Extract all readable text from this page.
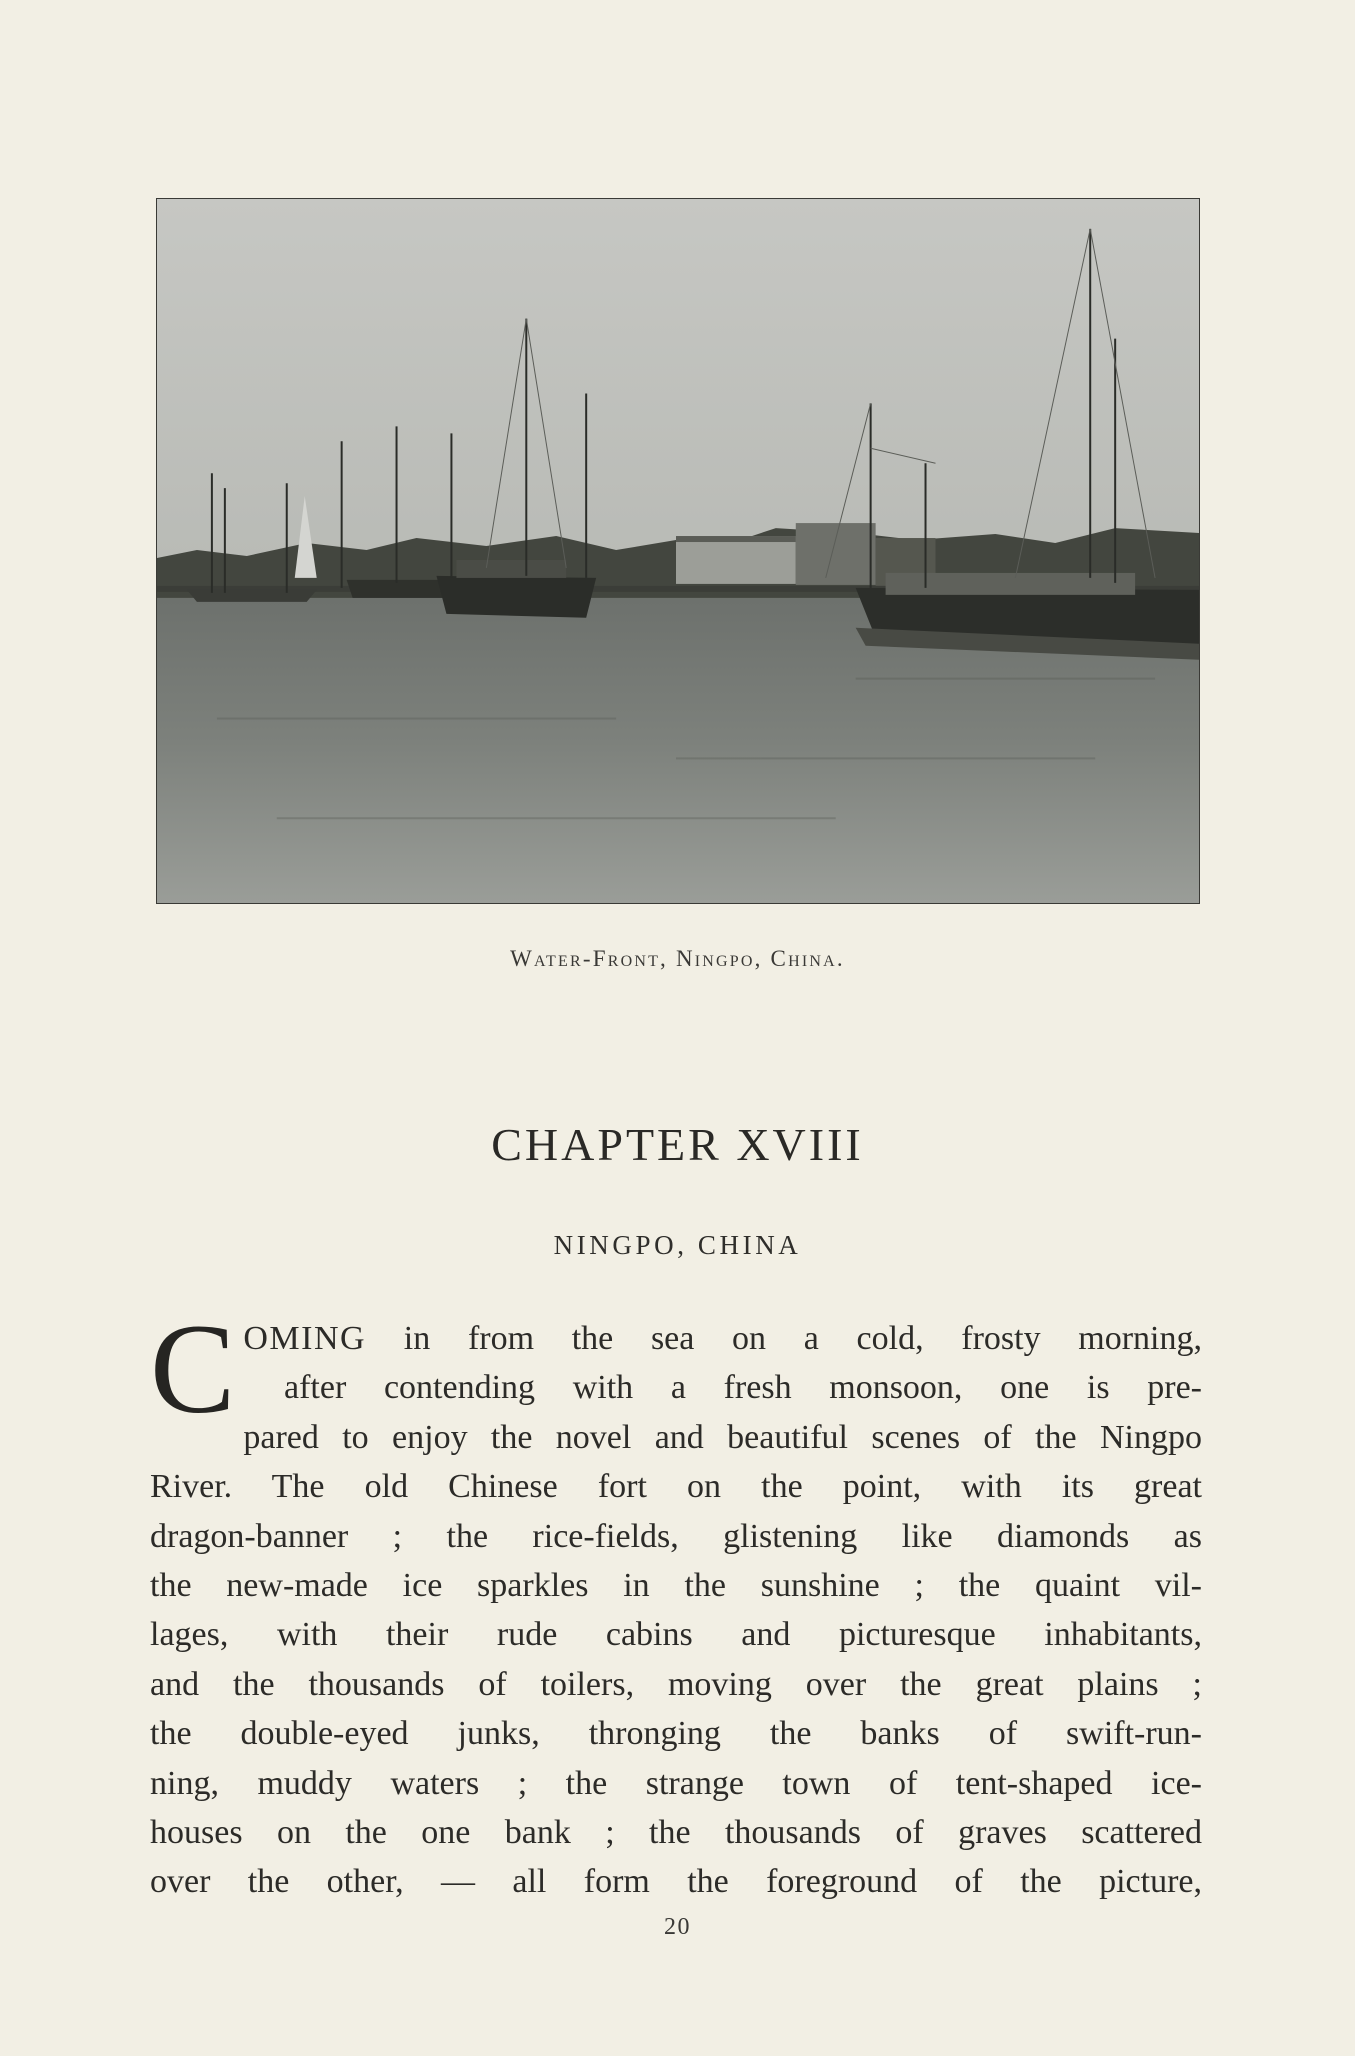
Water-Front, Ningpo, China.
CHAPTER XVIII
NINGPO, CHINA
C OMING in from the sea on a cold, frosty morning,
after contending with a fresh monsoon, one is pre-
pared to enjoy the novel and beautiful scenes of the Ningpo
River. The old Chinese fort on the point, with its great
dragon-banner ; the rice-fields, glistening like diamonds as
the new-made ice sparkles in the sunshine ; the quaint vil-
lages, with their rude cabins and picturesque inhabitants,
and the thousands of toilers, moving over the great plains ;
the double-eyed junks, thronging the banks of swift-run-
ning, muddy waters ; the strange town of tent-shaped ice-
houses on the one bank ; the thousands of graves scattered
over the other, — all form the foreground of the picture,
20
